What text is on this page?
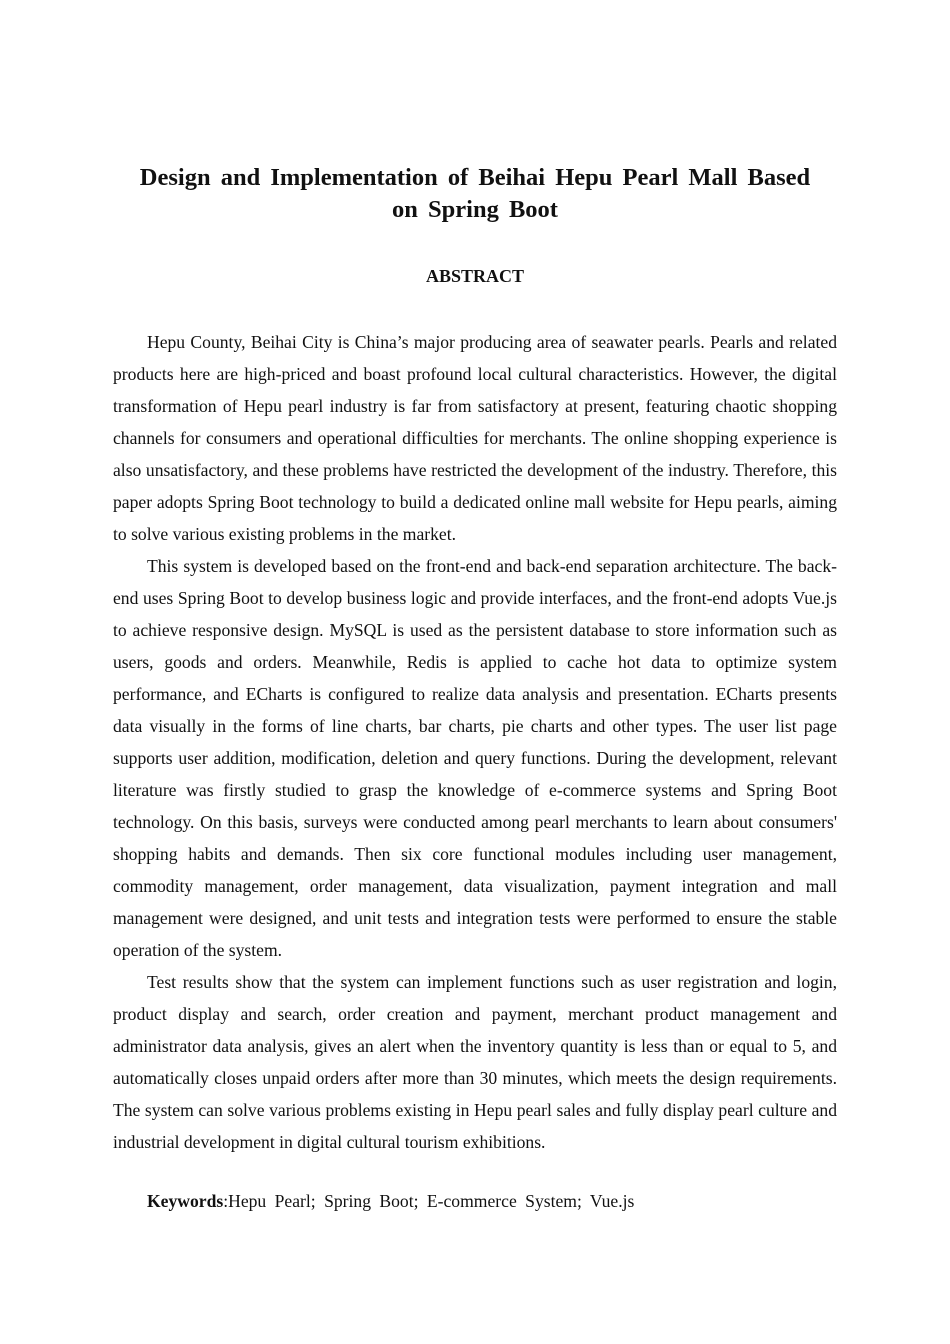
Design and Implementation of Beihai Hepu Pearl Mall Based
on Spring Boot
ABSTRACT

Hepu County, Beihai City is China’s major producing area of seawater pearls. Pearls and related products here are high-priced and boast profound local cultural characteristics. However, the digital transformation of Hepu pearl industry is far from satisfactory at present, featuring chaotic shopping channels for consumers and operational difficulties for merchants. The online shopping experience is also unsatisfactory, and these problems have restricted the development of the industry. Therefore, this paper adopts Spring Boot technology to build a dedicated online mall website for Hepu pearls, aiming to solve various existing problems in the market.

This system is developed based on the front-end and back-end separation architecture. The back-end uses Spring Boot to develop business logic and provide interfaces, and the front-end adopts Vue.js to achieve responsive design. MySQL is used as the persistent database to store information such as users, goods and orders. Meanwhile, Redis is applied to cache hot data to optimize system performance, and ECharts is configured to realize data analysis and presentation. ECharts presents data visually in the forms of line charts, bar charts, pie charts and other types. The user list page supports user addition, modification, deletion and query functions. During the development, relevant literature was firstly studied to grasp the knowledge of e-commerce systems and Spring Boot technology. On this basis, surveys were conducted among pearl merchants to learn about consumers' shopping habits and demands. Then six core functional modules including user management, commodity management, order management, data visualization, payment integration and mall management were designed, and unit tests and integration tests were performed to ensure the stable operation of the system.

Test results show that the system can implement functions such as user registration and login, product display and search, order creation and payment, merchant product management and administrator data analysis, gives an alert when the inventory quantity is less than or equal to 5, and automatically closes unpaid orders after more than 30 minutes, which meets the design requirements. The system can solve various problems existing in Hepu pearl sales and fully display pearl culture and industrial development in digital cultural tourism exhibitions.

Keywords:Hepu Pearl; Spring Boot; E-commerce System; Vue.js
